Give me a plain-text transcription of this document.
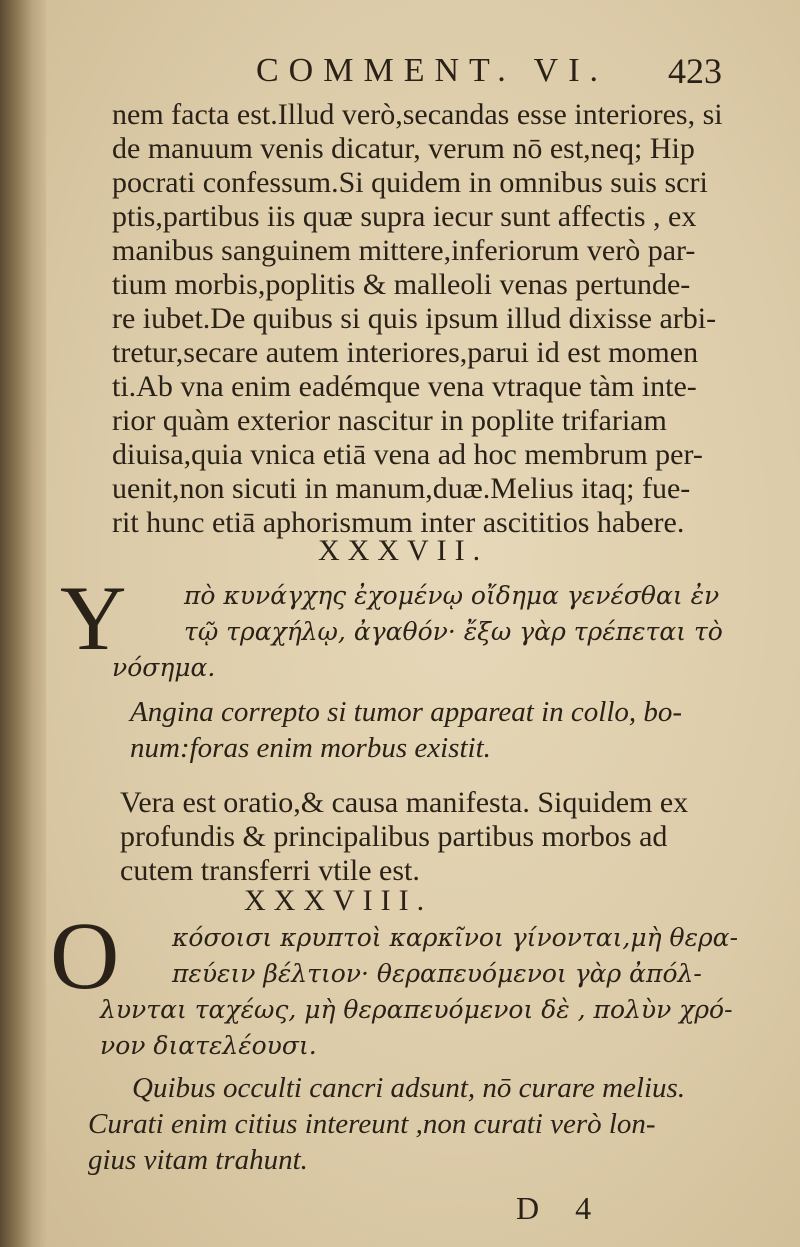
COMMENT. VI. 423
nem facta est.Illud verò,secandas esse interiores, si
de manuum venis dicatur, verum nō est,neq; Hip
pocrati confessum.Si quidem in omnibus suis scri
ptis,partibus iis quæ supra iecur sunt affectis , ex
manibus sanguinem mittere,inferiorum verò par-
tium morbis,poplitis & malleoli venas pertunde-
re iubet.De quibus si quis ipsum illud dixisse arbi-
tretur,secare autem interiores,parui id est momen
ti.Ab vna enim eadémque vena vtraque tàm inte-
rior quàm exterior nascitur in poplite trifariam
diuisa,quia vnica etiā vena ad hoc membrum per-
uenit,non sicuti in manum,duæ.Melius itaq; fue-
rit hunc etiā aphorismum inter ascititios habere.
XXXVII.
Y	πὸ κυνάγχης ἐχομένῳ οἴδημα γενέσθαι ἐν
τῷ τραχήλῳ, ἀγαθόν· ἔξω γὰρ τρέπεται τὸ
νόσημα.
Angina correpto si tumor appareat in collo, bo-
num:foras enim morbus existit.
Vera est oratio,& causa manifesta. Siquidem ex
profundis & principalibus partibus morbos ad
cutem transferri vtile est.
XXXVIII.
O	κόσοισι κρυπτοὶ καρκῖνοι γίνονται,μὴ θερα-
πεύειν βέλτιον· θεραπευόμενοι γὰρ ἀπόλ-
λυνται ταχέως, μὴ θεραπευόμενοι δὲ , πολὺν χρό-
νον διατελέουσι.
Quibus occulti cancri adsunt, nō curare melius.
Curati enim citius intereunt ,non curati verò lon-
gius vitam trahunt.
D 4
